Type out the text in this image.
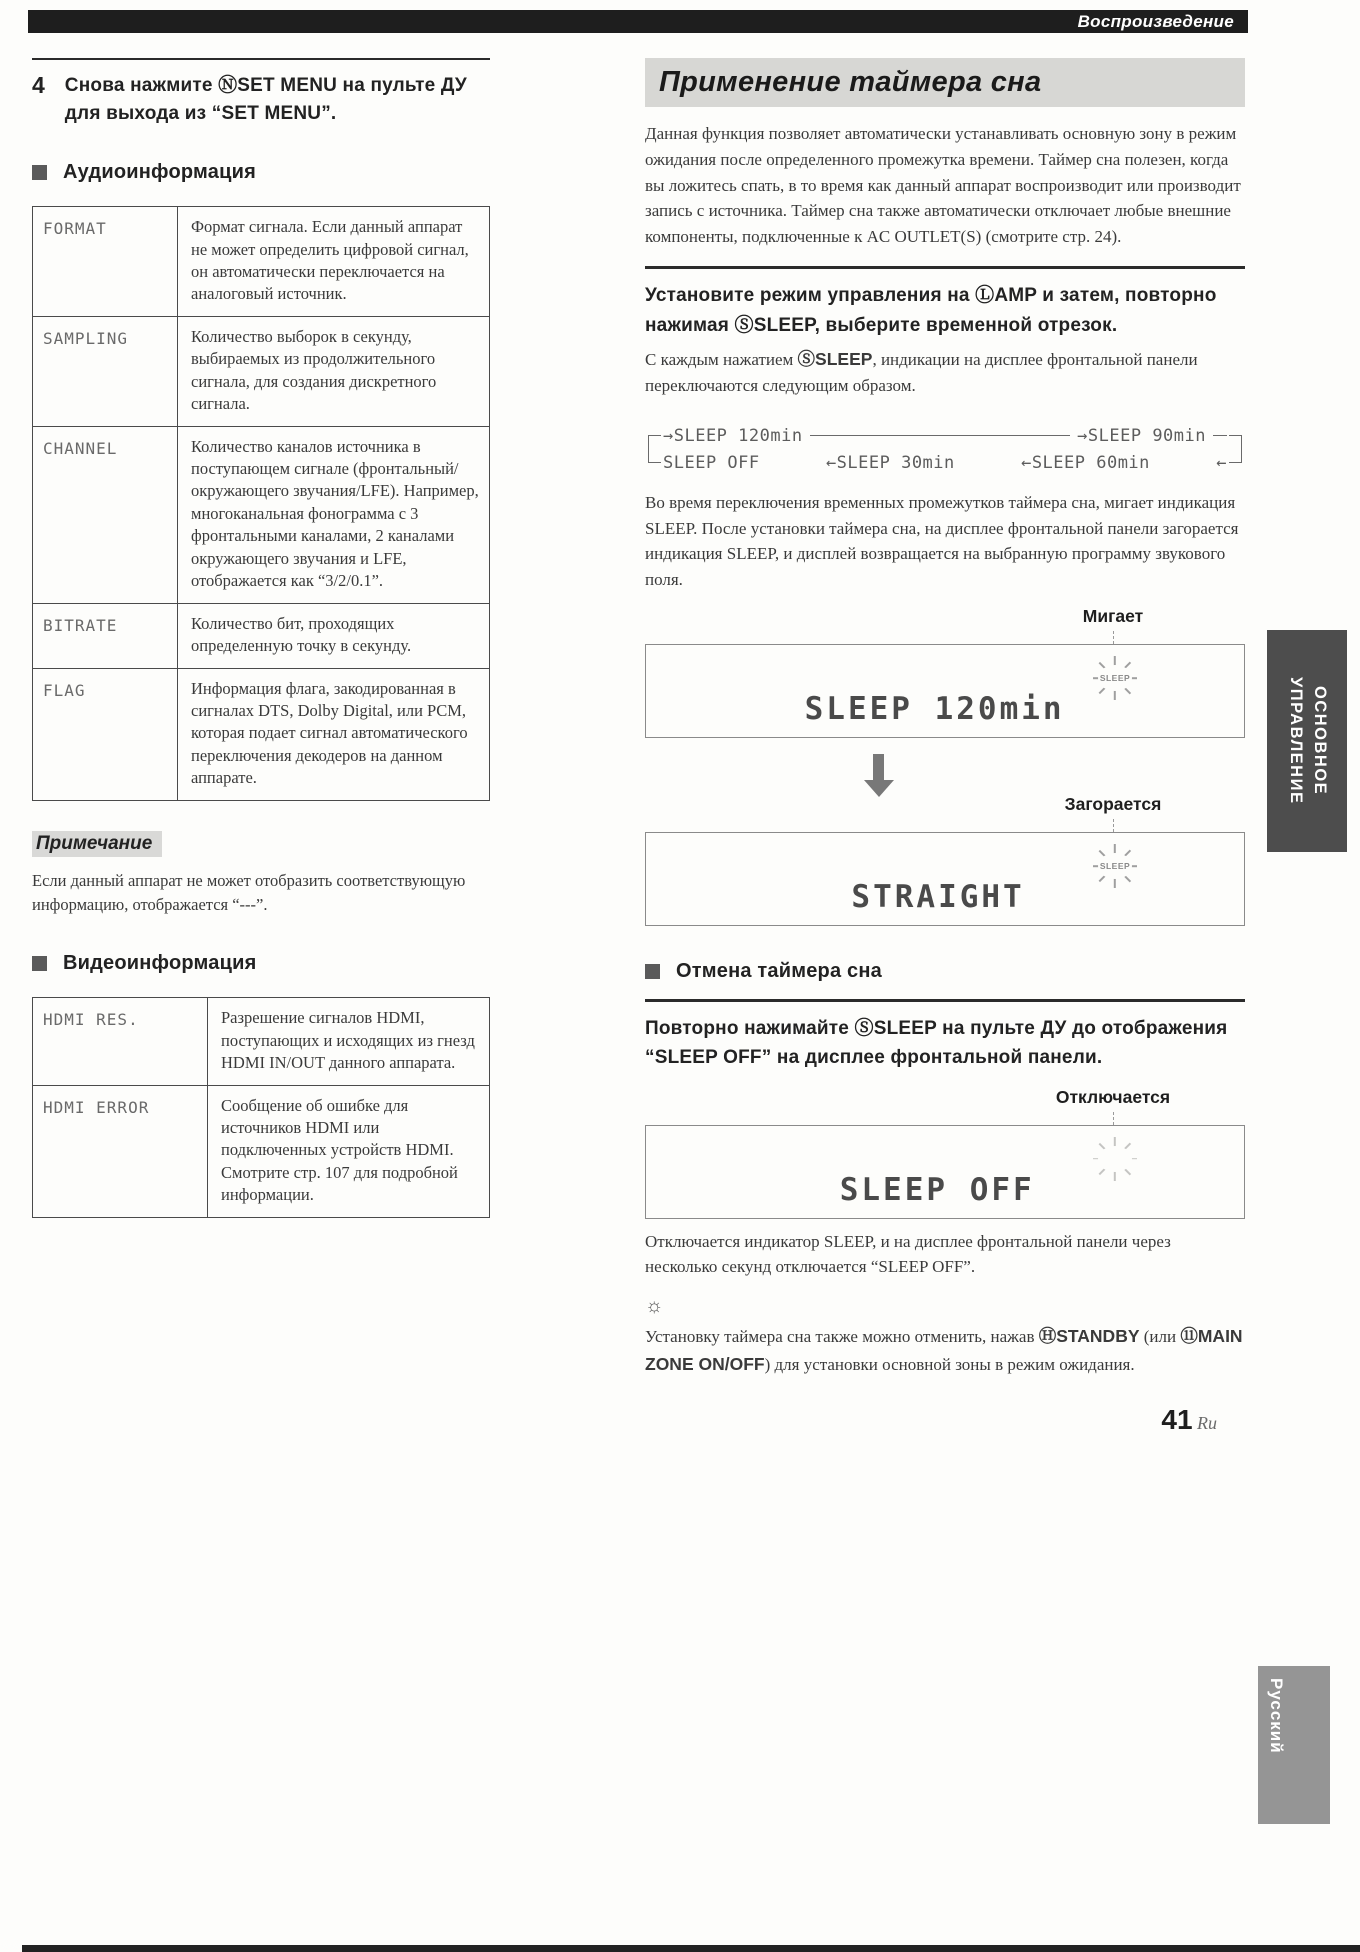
Воспроизведение
4 Снова нажмите ⓃSET MENU на пульте ДУ для выхода из “SET MENU”.
Аудиоинформация
FORMAT	Формат сигнала. Если данный аппарат не может определить цифровой сигнал, он автоматически переключается на аналоговый источник.
SAMPLING	Количество выборок в секунду, выбираемых из продолжительного сигнала, для создания дискретного сигнала.
CHANNEL	Количество каналов источника в поступающем сигнале (фронтальный/окружающего звучания/LFE). Например, многоканальная фонограмма с 3 фронтальными каналами, 2 каналами окружающего звучания и LFE, отображается как “3/2/0.1”.
BITRATE	Количество бит, проходящих определенную точку в секунду.
FLAG	Информация флага, закодированная в сигналах DTS, Dolby Digital, или PCM, которая подает сигнал автоматического переключения декодеров на данном аппарате.
Примечание
Если данный аппарат не может отобразить соответствующую информацию, отображается “---”.
Видеоинформация
HDMI RES.	Разрешение сигналов HDMI, поступающих и исходящих из гнезд HDMI IN/OUT данного аппарата.
HDMI ERROR	Сообщение об ошибке для источников HDMI или подключенных устройств HDMI. Смотрите стр. 107 для подробной информации.
Применение таймера сна
Данная функция позволяет автоматически устанавливать основную зону в режим ожидания после определенного промежутка времени. Таймер сна полезен, когда вы ложитесь спать, в то время как данный аппарат воспроизводит или производит запись с источника. Таймер сна также автоматически отключает любые внешние компоненты, подключенные к AC OUTLET(S) (смотрите стр. 24).
Установите режим управления на ⓁAMP и затем, повторно нажимая ⓈSLEEP, выберите временной отрезок.
С каждым нажатием ⓈSLEEP, индикации на дисплее фронтальной панели переключаются следующим образом.
→SLEEP 120min	→SLEEP 90min
SLEEP OFF	←SLEEP 30min	←SLEEP 60min	←
Во время переключения временных промежутков таймера сна, мигает индикация SLEEP. После установки таймера сна, на дисплее фронтальной панели загорается индикация SLEEP, и дисплей возвращается на выбранную программу звукового поля.
Мигает
SLEEP 120min
SLEEP
Загорается
STRAIGHT
SLEEP
Отмена таймера сна
Повторно нажимайте ⓈSLEEP на пульте ДУ до отображения “SLEEP OFF” на дисплее фронтальной панели.
Отключается
SLEEP OFF
Отключается индикатор SLEEP, и на дисплее фронтальной панели через несколько секунд отключается “SLEEP OFF”.
☼
Установку таймера сна также можно отменить, нажав ⒽSTANDBY (или ⑪MAIN ZONE ON/OFF) для установки основной зоны в режим ожидания.
41 Ru
ОСНОВНОЕ
УПРАВЛЕНИЕ
Русский
